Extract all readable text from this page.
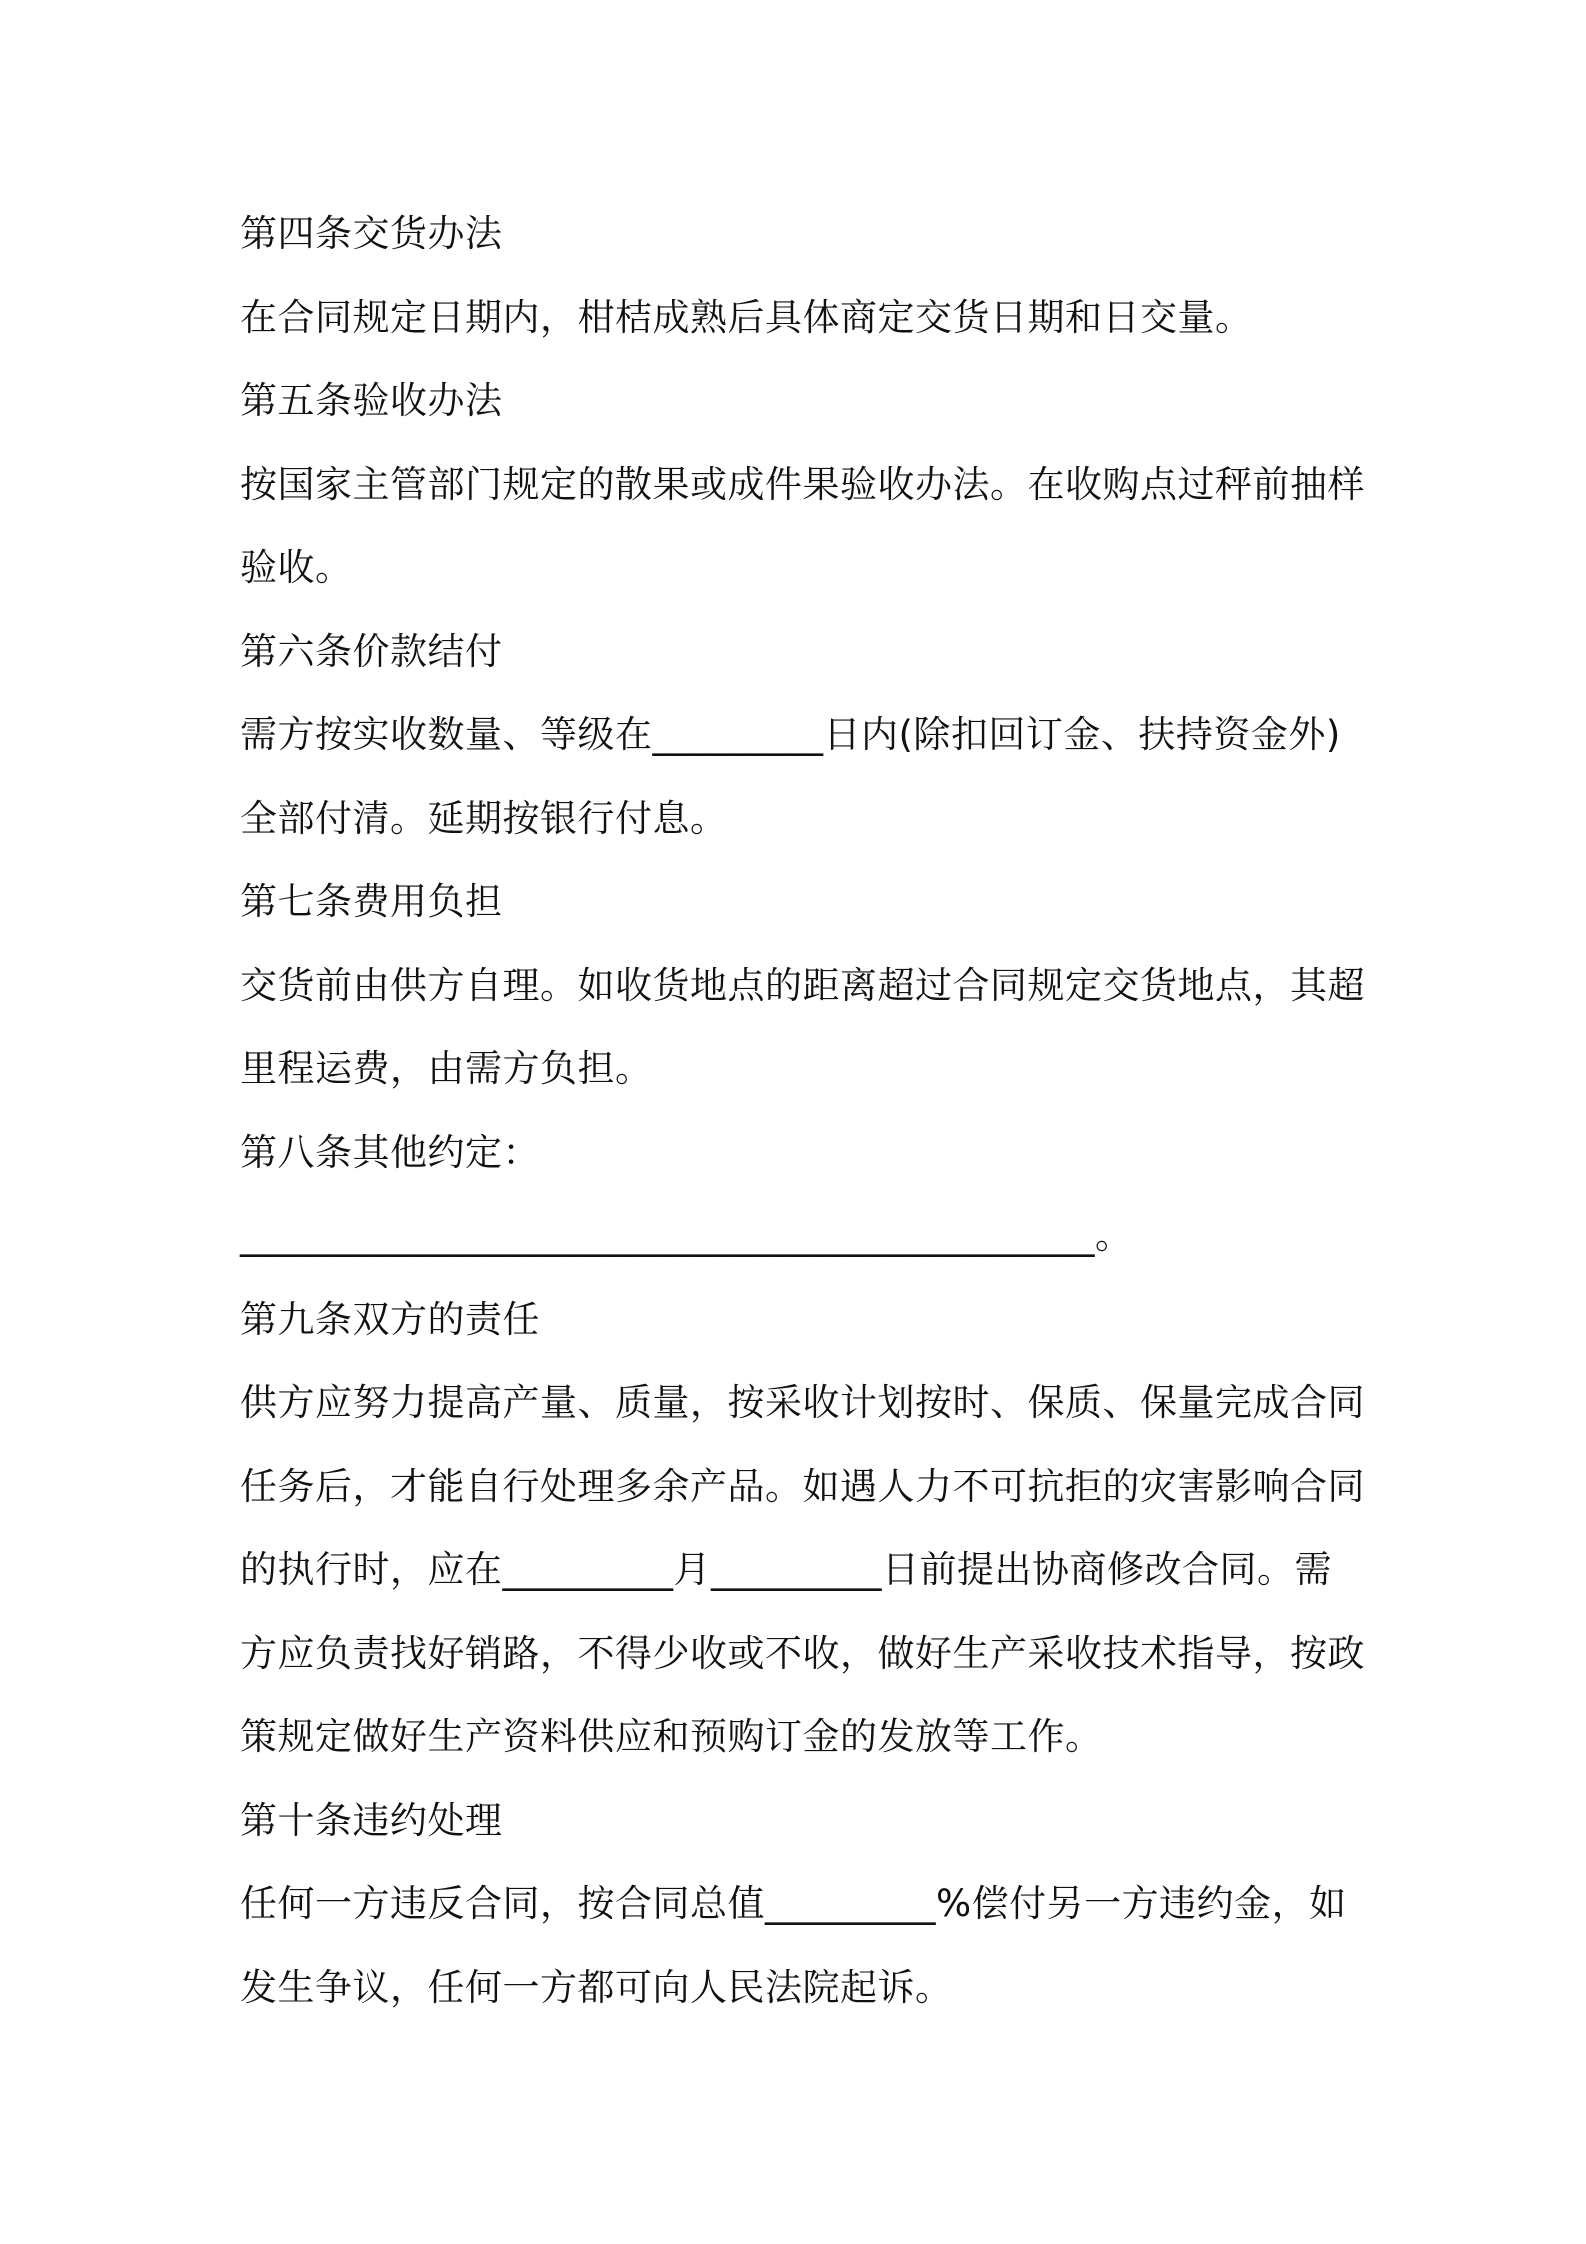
第四条交货办法
在合同规定日期内，柑桔成熟后具体商定交货日期和日交量。
第五条验收办法
按国家主管部门规定的散果或成件果验收办法。在收购点过秤前抽样
验收。
第六条价款结付
需方按实收数量、等级在_________日内(除扣回订金、扶持资金外)
全部付清。延期按银行付息。
第七条费用负担
交货前由供方自理。如收货地点的距离超过合同规定交货地点，其超
里程运费，由需方负担。
第八条其他约定：
_____________________________________________。
第九条双方的责任
供方应努力提高产量、质量，按采收计划按时、保质、保量完成合同
任务后，才能自行处理多余产品。如遇人力不可抗拒的灾害影响合同
的执行时，应在_________月_________日前提出协商修改合同。需
方应负责找好销路，不得少收或不收，做好生产采收技术指导，按政
策规定做好生产资料供应和预购订金的发放等工作。
第十条违约处理
任何一方违反合同，按合同总值_________%偿付另一方违约金，如
发生争议，任何一方都可向人民法院起诉。
